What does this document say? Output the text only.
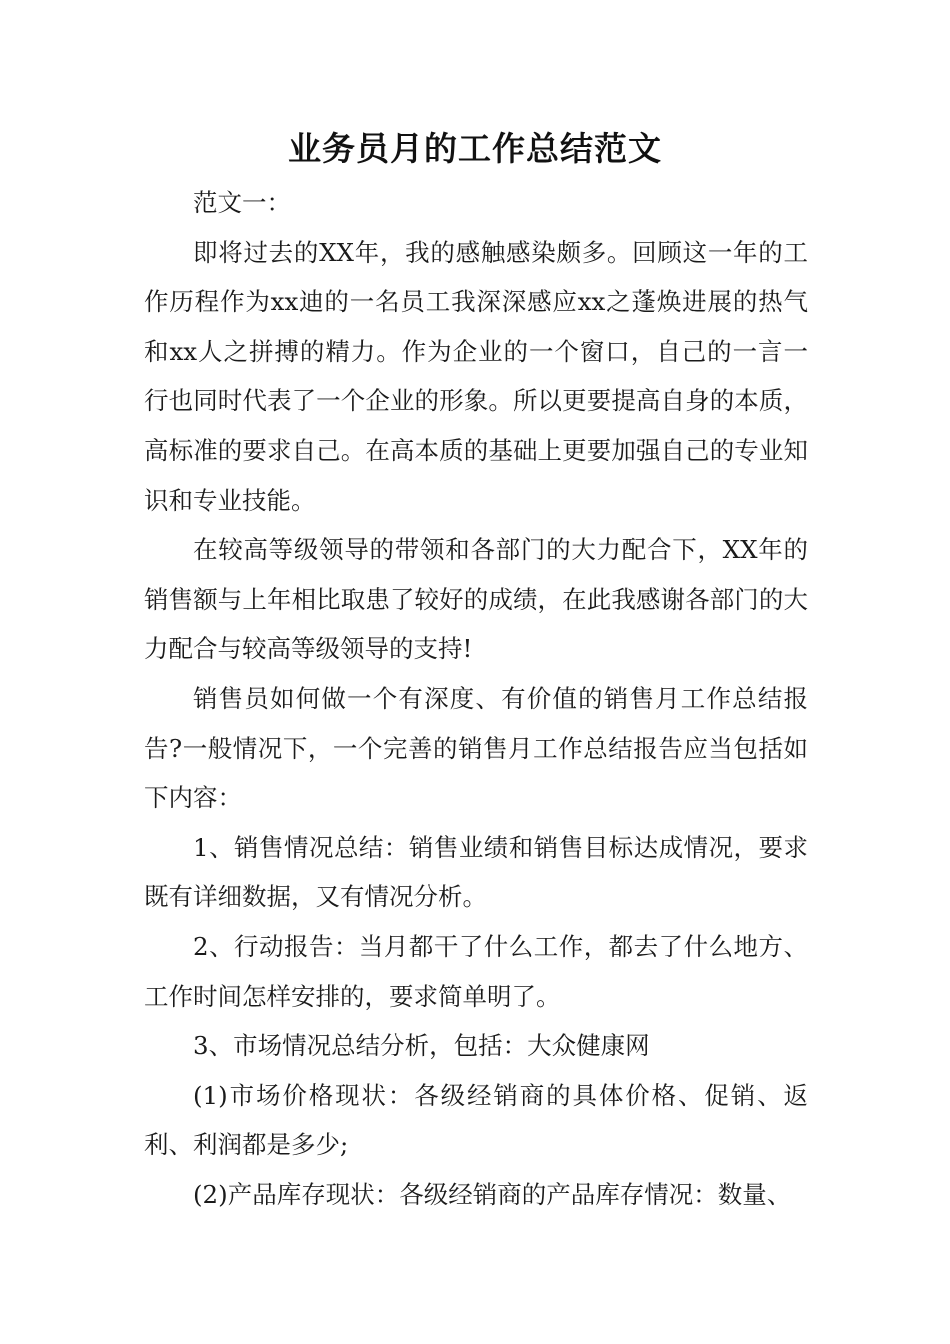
业务员月的工作总结范文

范文一：

即将过去的XX年，我的感触感染颇多。回顾这一年的工作历程作为xx迪的一名员工我深深感应xx之蓬焕进展的热气和xx人之拼搏的精力。作为企业的一个窗口，自己的一言一行也同时代表了一个企业的形象。所以更要提高自身的本质，高标准的要求自己。在高本质的基础上更要加强自己的专业知识和专业技能。

在较高等级领导的带领和各部门的大力配合下，XX年的销售额与上年相比取患了较好的成绩，在此我感谢各部门的大力配合与较高等级领导的支持!

销售员如何做一个有深度、有价值的销售月工作总结报告?一般情况下，一个完善的销售月工作总结报告应当包括如下内容：

1、销售情况总结：销售业绩和销售目标达成情况，要求既有详细数据，又有情况分析。

2、行动报告：当月都干了什么工作，都去了什么地方、工作时间怎样安排的，要求简单明了。

3、市场情况总结分析，包括：大众健康网

(1)市场价格现状：各级经销商的具体价格、促销、返利、利润都是多少;

(2)产品库存现状：各级经销商的产品库存情况：数量、
